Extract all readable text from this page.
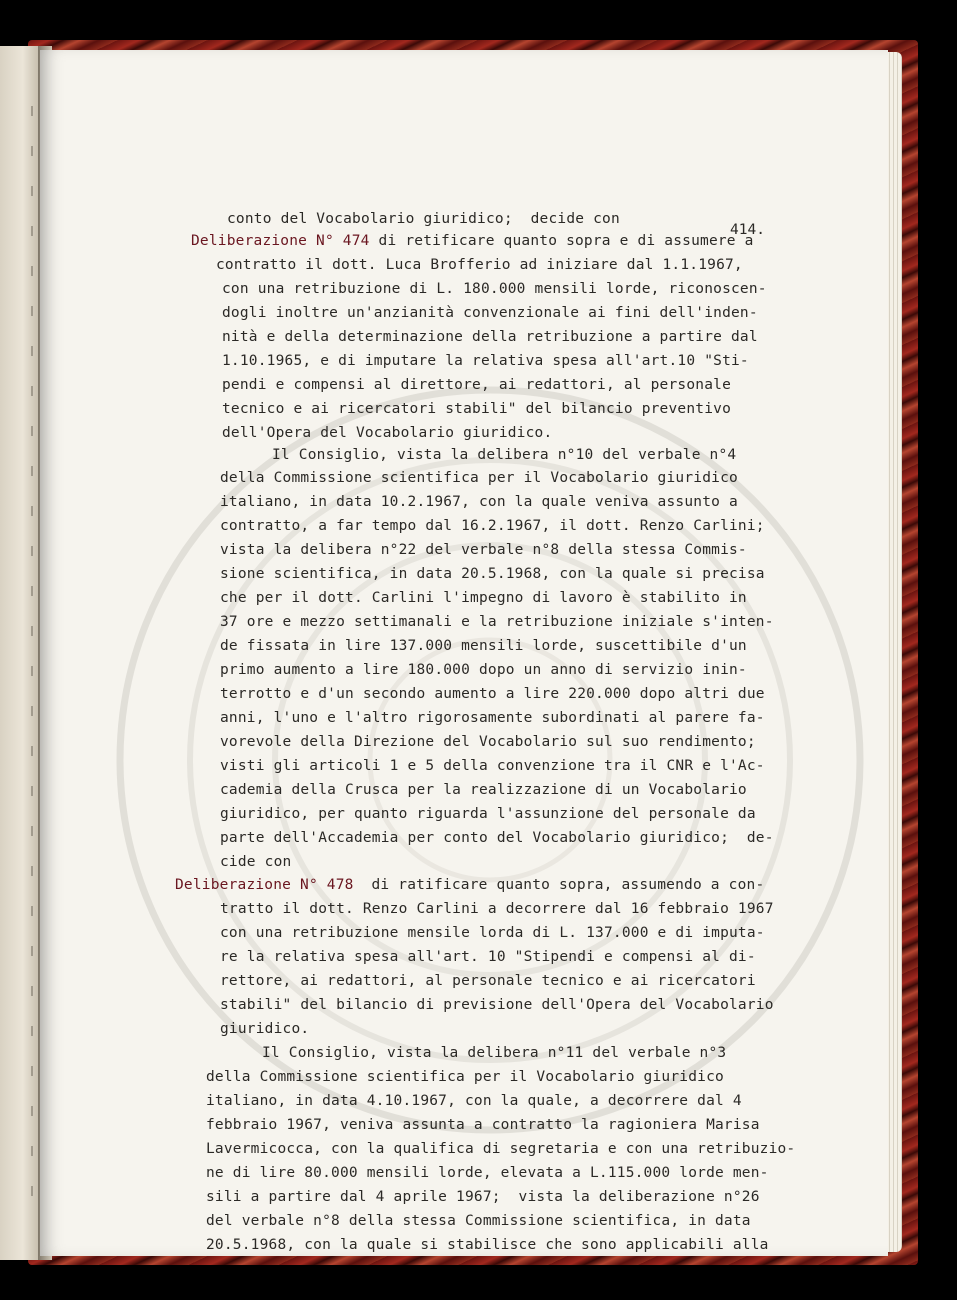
414.
conto del Vocabolario giuridico;  decide con
Deliberazione N° 474 di retificare quanto sopra e di assumere a
contratto il dott. Luca Brofferio ad iniziare dal 1.1.1967,
con una retribuzione di L. 180.000 mensili lorde, riconoscen-
dogli inoltre un'anzianità convenzionale ai fini dell'inden-
nità e della determinazione della retribuzione a partire dal
1.10.1965, e di imputare la relativa spesa all'art.10 "Sti-
pendi e compensi al direttore, ai redattori, al personale
tecnico e ai ricercatori stabili" del bilancio preventivo
dell'Opera del Vocabolario giuridico.
Il Consiglio, vista la delibera n°10 del verbale n°4
della Commissione scientifica per il Vocabolario giuridico
italiano, in data 10.2.1967, con la quale veniva assunto a
contratto, a far tempo dal 16.2.1967, il dott. Renzo Carlini;
vista la delibera n°22 del verbale n°8 della stessa Commis-
sione scientifica, in data 20.5.1968, con la quale si precisa
che per il dott. Carlini l'impegno di lavoro è stabilito in
37 ore e mezzo settimanali e la retribuzione iniziale s'inten-
de fissata in lire 137.000 mensili lorde, suscettibile d'un
primo aumento a lire 180.000 dopo un anno di servizio inin-
terrotto e d'un secondo aumento a lire 220.000 dopo altri due
anni, l'uno e l'altro rigorosamente subordinati al parere fa-
vorevole della Direzione del Vocabolario sul suo rendimento;
visti gli articoli 1 e 5 della convenzione tra il CNR e l'Ac-
cademia della Crusca per la realizzazione di un Vocabolario
giuridico, per quanto riguarda l'assunzione del personale da
parte dell'Accademia per conto del Vocabolario giuridico;  de-
cide con
Deliberazione N° 478  di ratificare quanto sopra, assumendo a con-
tratto il dott. Renzo Carlini a decorrere dal 16 febbraio 1967
con una retribuzione mensile lorda di L. 137.000 e di imputa-
re la relativa spesa all'art. 10 "Stipendi e compensi al di-
rettore, ai redattori, al personale tecnico e ai ricercatori
stabili" del bilancio di previsione dell'Opera del Vocabolario
giuridico.
Il Consiglio, vista la delibera n°11 del verbale n°3
della Commissione scientifica per il Vocabolario giuridico
italiano, in data 4.10.1967, con la quale, a decorrere dal 4
febbraio 1967, veniva assunta a contratto la ragioniera Marisa
Lavermicocca, con la qualifica di segretaria e con una retribuzio-
ne di lire 80.000 mensili lorde, elevata a L.115.000 lorde men-
sili a partire dal 4 aprile 1967;  vista la deliberazione n°26
del verbale n°8 della stessa Commissione scientifica, in data
20.5.1968, con la quale si stabilisce che sono applicabili alla
